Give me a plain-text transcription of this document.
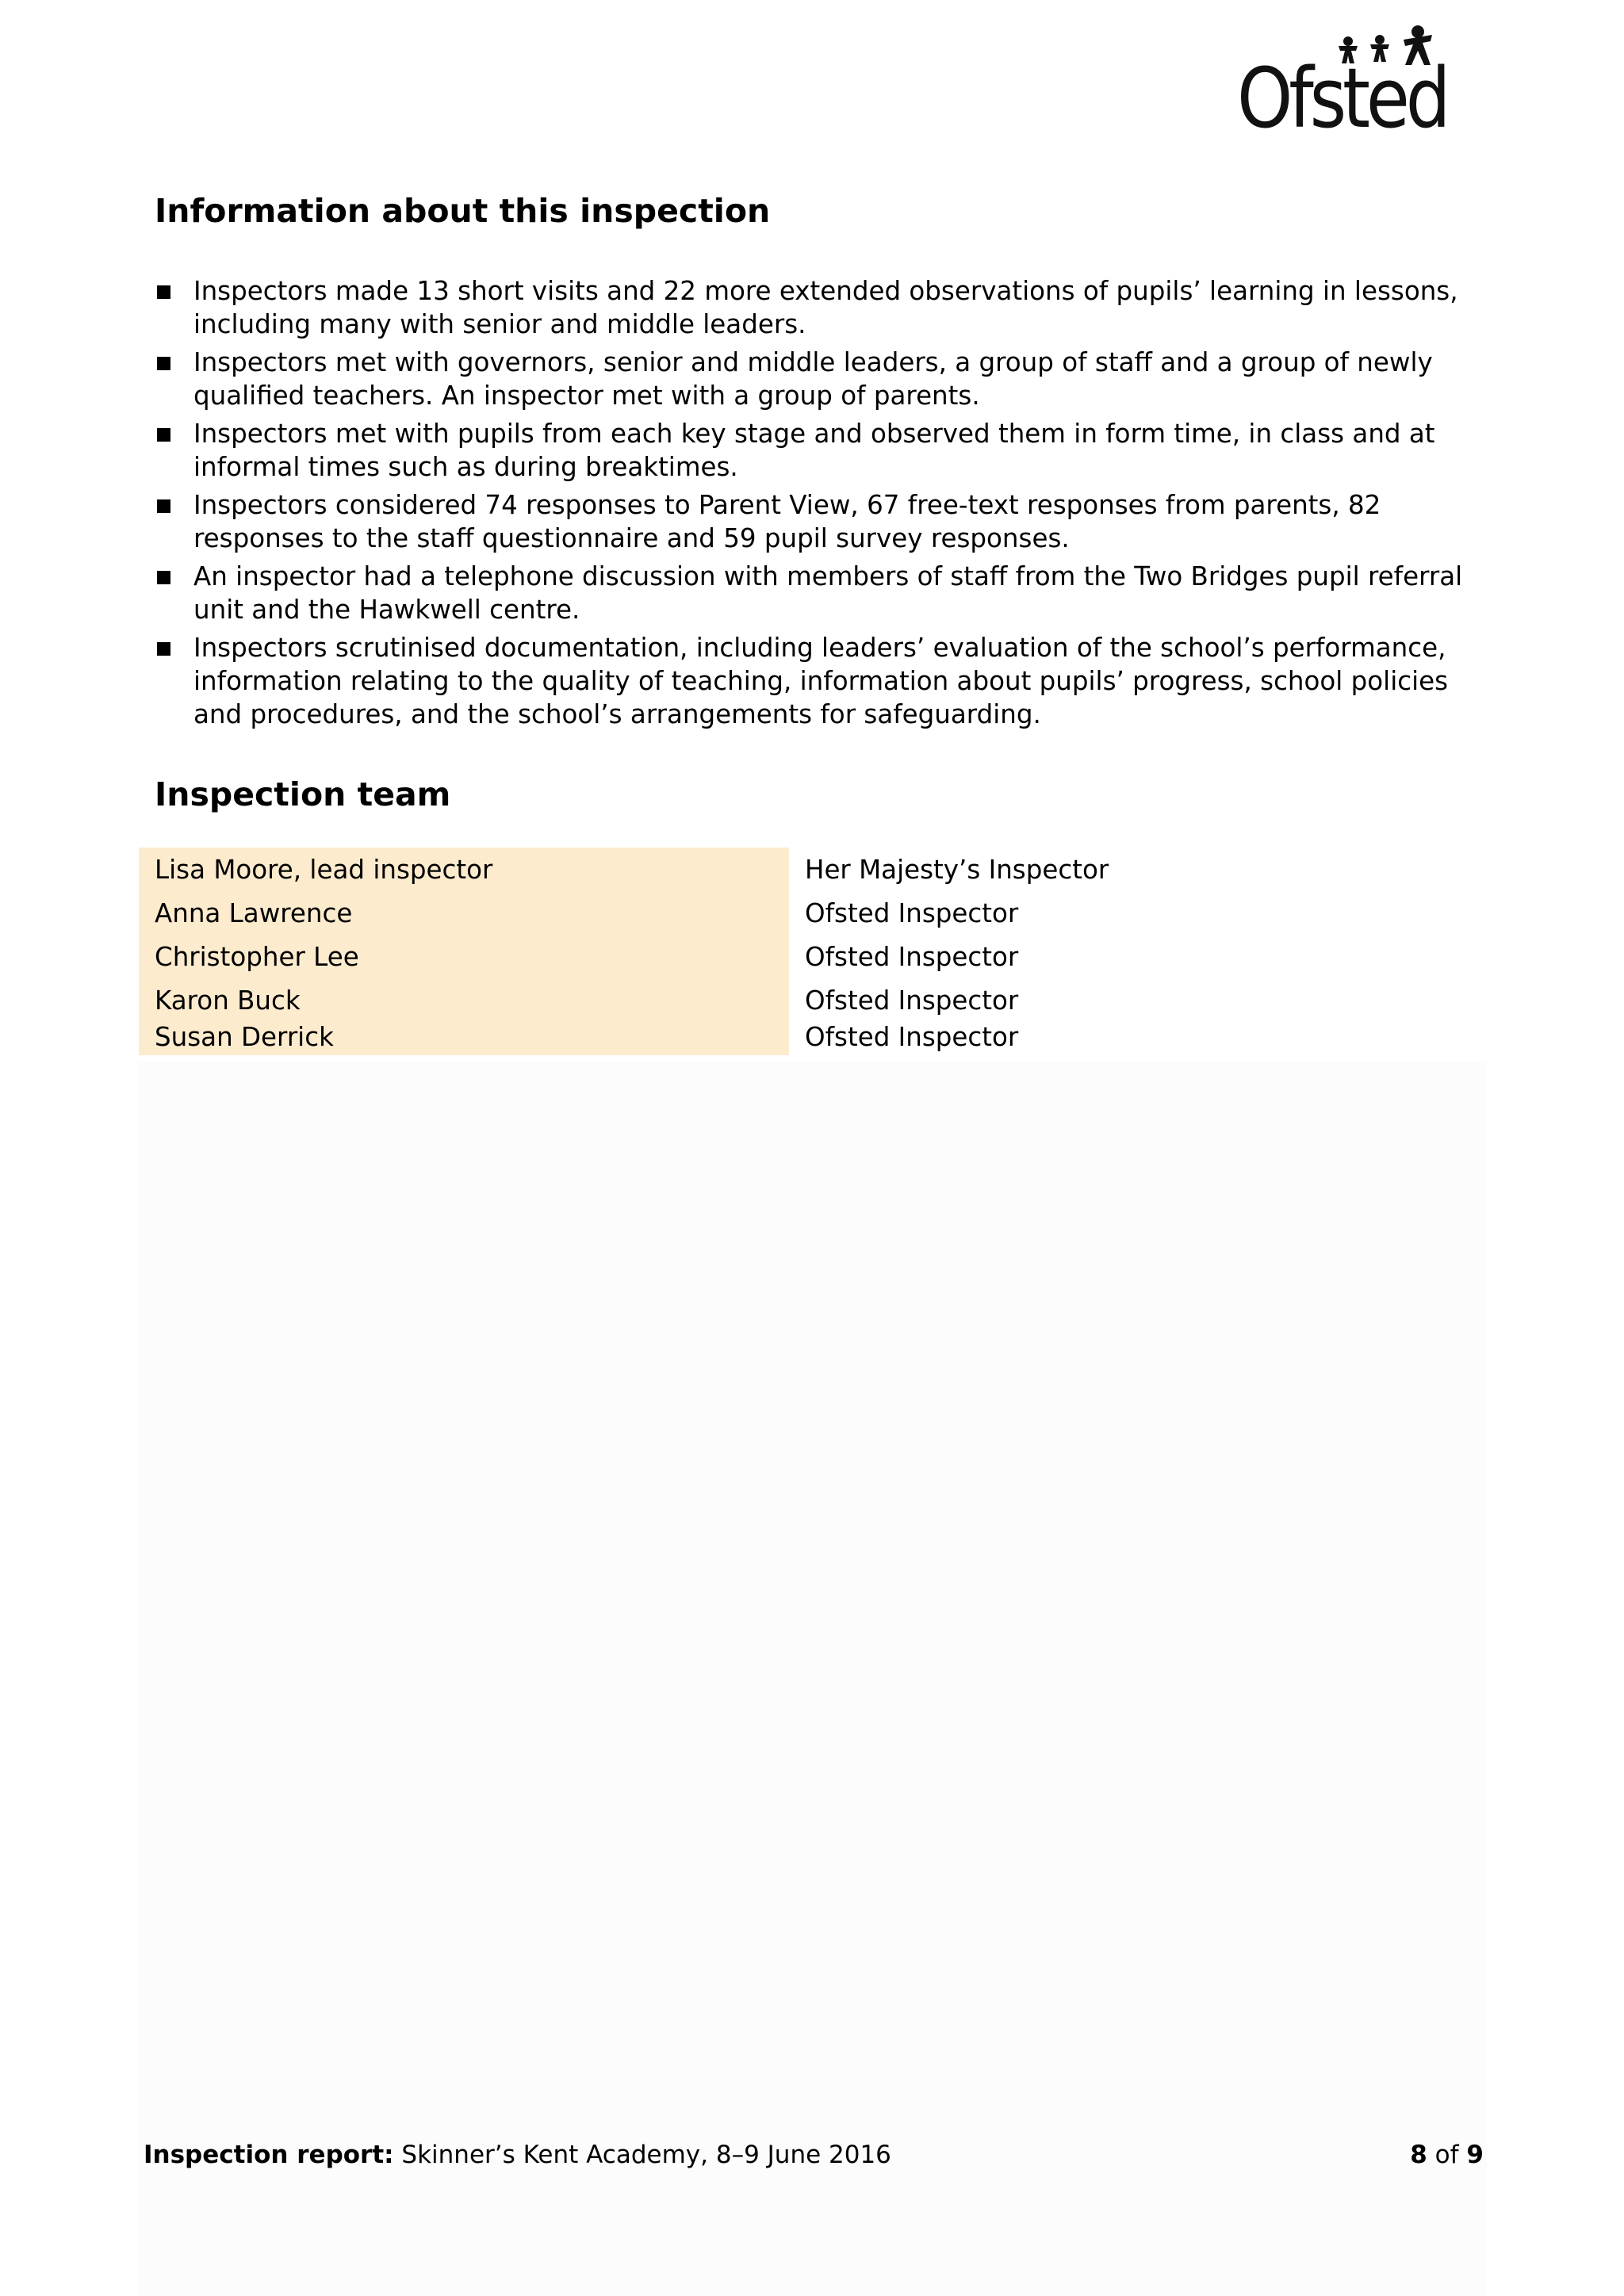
Ofsted
Information about this inspection
Inspectors made 13 short visits and 22 more extended observations of pupils’ learning in lessons, including many with senior and middle leaders.
Inspectors met with governors, senior and middle leaders, a group of staff and a group of newly qualified teachers. An inspector met with a group of parents.
Inspectors met with pupils from each key stage and observed them in form time, in class and at informal times such as during breaktimes.
Inspectors considered 74 responses to Parent View, 67 free-text responses from parents, 82 responses to the staff questionnaire and 59 pupil survey responses.
An inspector had a telephone discussion with members of staff from the Two Bridges pupil referral unit and the Hawkwell centre.
Inspectors scrutinised documentation, including leaders’ evaluation of the school’s performance, information relating to the quality of teaching, information about pupils’ progress, school policies and procedures, and the school’s arrangements for safeguarding.
Inspection team
Lisa Moore, lead inspector	Her Majesty’s Inspector
Anna Lawrence	Ofsted Inspector
Christopher Lee	Ofsted Inspector
Karon Buck	Ofsted Inspector
Susan Derrick	Ofsted Inspector
Inspection report: Skinner’s Kent Academy, 8–9 June 2016	8 of 9
